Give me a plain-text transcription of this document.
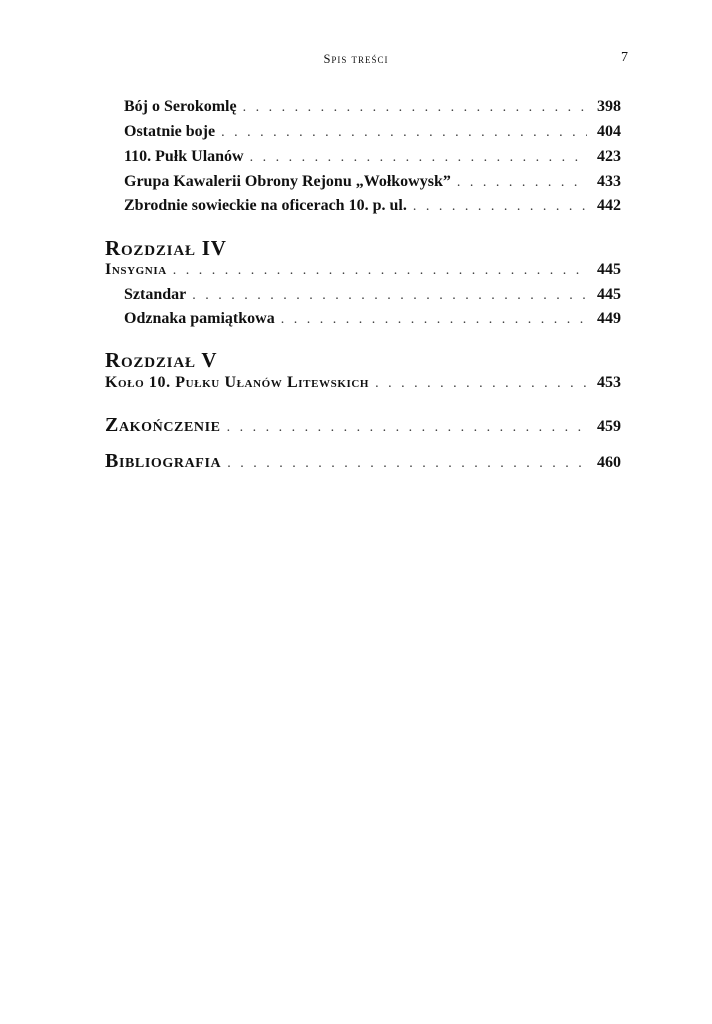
Spis treści	7
Bój o Serokomlę . . .	398
Ostatnie boje . . .	404
110. Pułk Ulanów . . .	423
Grupa Kawalerii Obrony Rejonu „Wołkowysk” . . .	433
Zbrodnie sowieckie na oficerach 10. p. ul. . . .	442
Rozdział IV
Insygnia . . .	445
Sztandar . . .	445
Odznaka pamiątkowa . . .	449
Rozdział V
Koło 10. Pułku Ułanów Litewskich . . .	453
Zakończenie . . .	459
Bibliografia . . .	460
